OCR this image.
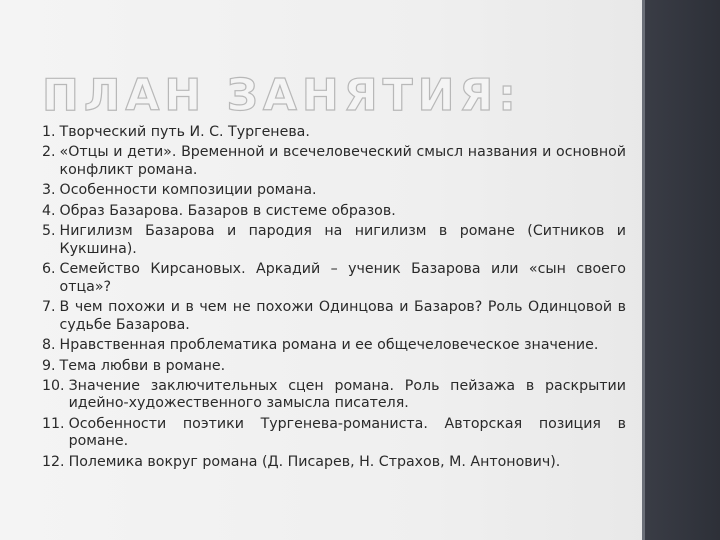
ПЛАН ЗАНЯТИЯ:
1. Творческий путь И. С. Тургенева.
2. «Отцы и дети». Временной и всечеловеческий смысл названия и основной конфликт романа.
3. Особенности композиции романа.
4. Образ Базарова. Базаров в системе образов.
5. Нигилизм Базарова и пародия на нигилизм в романе (Ситников и Кукшина).
6. Семейство Кирсановых. Аркадий – ученик Базарова или «сын своего отца»?
7. В чем похожи и в чем не похожи Одинцова и Базаров? Роль Одинцовой в судьбе Базарова.
8. Нравственная проблематика романа и ее общечеловеческое значение.
9. Тема любви в романе.
10. Значение заключительных сцен романа. Роль пейзажа в раскрытии идейно-художественного замысла писателя.
11. Особенности поэтики Тургенева-романиста. Авторская позиция в романе.
12. Полемика вокруг романа (Д. Писарев, Н. Страхов, М. Антонович).
